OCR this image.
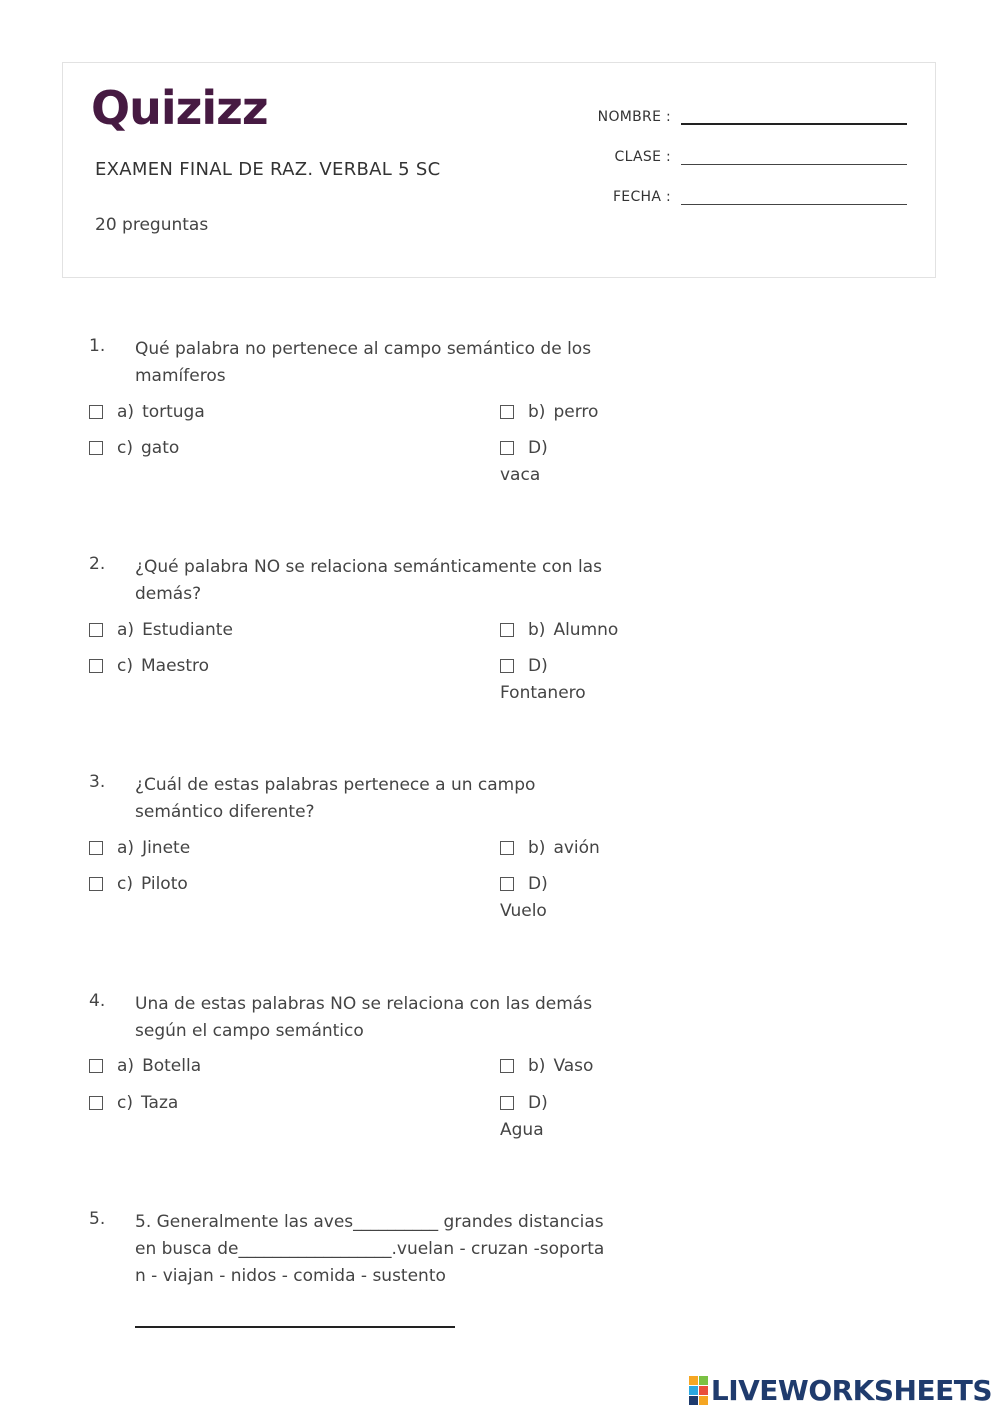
Quizizz
EXAMEN FINAL DE RAZ. VERBAL 5 SC
20 preguntas
NOMBRE :
CLASE :
FECHA :
1. Qué palabra no pertenece al campo semántico de los mamíferos
a) tortuga	b) perro
c) gato	D)
vaca
2. ¿Qué palabra NO se relaciona semánticamente con las demás?
a) Estudiante	b) Alumno
c) Maestro	D)
Fontanero
3. ¿Cuál de estas palabras pertenece a un campo semántico diferente?
a) Jinete	b) avión
c) Piloto	D)
Vuelo
4. Una de estas palabras NO se relaciona con las demás según el campo semántico
a) Botella	b) Vaso
c) Taza	D)
Agua
5. 5. Generalmente las aves__________ grandes distancias en busca de__________________.vuelan - cruzan -soportan - viajan - nidos - comida - sustento
LIVEWORKSHEETS
